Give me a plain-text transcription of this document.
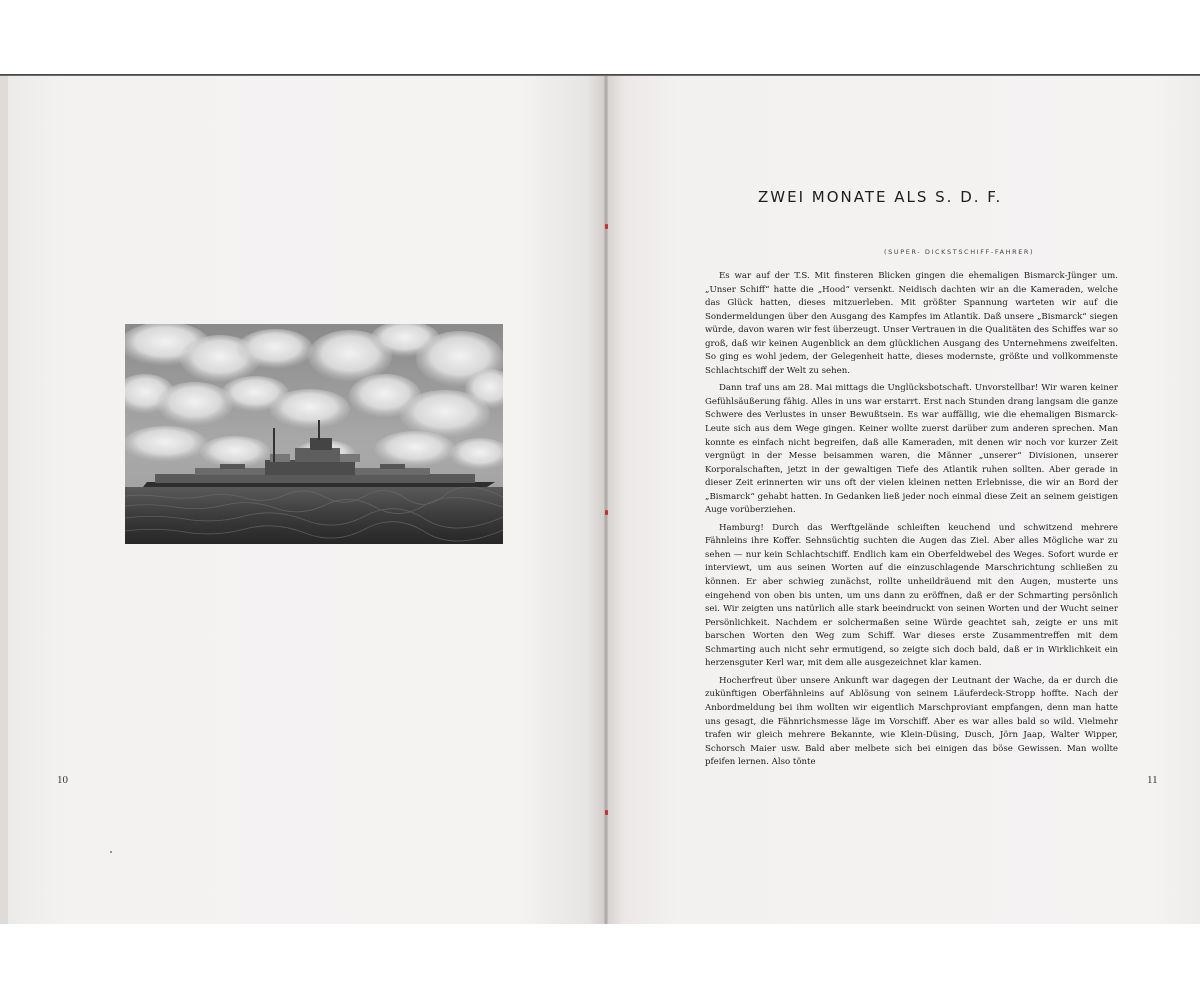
10	11
ZWEI MONATE ALS S. D. F.
(SUPER- DICKSTSCHIFF-FAHRER)

Es war auf der T.S. Mit finsteren Blicken gingen die ehemaligen Bismarck-Jünger um. „Unser Schiff“ hatte die „Hood“ versenkt. Neidisch dachten wir an die Kameraden, welche das Glück hatten, dieses mitzuerleben. Mit größter Spannung warteten wir auf die Sondermeldungen über den Ausgang des Kampfes im Atlantik. Daß unsere „Bismarck“ siegen würde, davon waren wir fest überzeugt. Unser Vertrauen in die Qualitäten des Schiffes war so groß, daß wir keinen Augenblick an dem glücklichen Ausgang des Unternehmens zweifelten. So ging es wohl jedem, der Gelegenheit hatte, dieses modernste, größte und vollkommenste Schlachtschiff der Welt zu sehen.

Dann traf uns am 28. Mai mittags die Unglücksbotschaft. Unvorstellbar! Wir waren keiner Gefühlsäußerung fähig. Alles in uns war erstarrt. Erst nach Stunden drang langsam die ganze Schwere des Verlustes in unser Bewußtsein. Es war auffällig, wie die ehemaligen Bismarck-Leute sich aus dem Wege gingen. Keiner wollte zuerst darüber zum anderen sprechen. Man konnte es einfach nicht begreifen, daß alle Kameraden, mit denen wir noch vor kurzer Zeit vergnügt in der Messe beisammen waren, die Männer „unserer“ Divisionen, unserer Korporalschaften, jetzt in der gewaltigen Tiefe des Atlantik ruhen sollten. Aber gerade in dieser Zeit erinnerten wir uns oft der vielen kleinen netten Erlebnisse, die wir an Bord der „Bismarck“ gehabt hatten. In Gedanken ließ jeder noch einmal diese Zeit an seinem geistigen Auge vorüberziehen.

Hamburg! Durch das Werftgelände schleiften keuchend und schwitzend mehrere Fähnleins ihre Koffer. Sehnsüchtig suchten die Augen das Ziel. Aber alles Mögliche war zu sehen — nur kein Schlachtschiff. Endlich kam ein Oberfeldwebel des Weges. Sofort wurde er interviewt, um aus seinen Worten auf die einzuschlagende Marschrichtung schließen zu können. Er aber schwieg zunächst, rollte unheildräuend mit den Augen, musterte uns eingehend von oben bis unten, um uns dann zu eröffnen, daß er der Schmarting persönlich sei. Wir zeigten uns natürlich alle stark beeindruckt von seinen Worten und der Wucht seiner Persönlichkeit. Nachdem er solchermaßen seine Würde geachtet sah, zeigte er uns mit barschen Worten den Weg zum Schiff. War dieses erste Zusammentreffen mit dem Schmarting auch nicht sehr ermutigend, so zeigte sich doch bald, daß er in Wirklichkeit ein herzensguter Kerl war, mit dem alle ausgezeichnet klar kamen.

Hocherfreut über unsere Ankunft war dagegen der Leutnant der Wache, da er durch die zukünftigen Oberfähnleins auf Ablösung von seinem Läuferdeck-Stropp hoffte. Nach der Anbordmeldung bei ihm wollten wir eigentlich Marschproviant empfangen, denn man hatte uns gesagt, die Fähnrichsmesse läge im Vorschiff. Aber es war alles bald so wild. Vielmehr trafen wir gleich mehrere Bekannte, wie Klein-Düsing, Dusch, Jörn Jaap, Walter Wipper, Schorsch Maier usw. Bald aber melbete sich bei einigen das böse Gewissen. Man wollte pfeifen lernen. Also tönte
